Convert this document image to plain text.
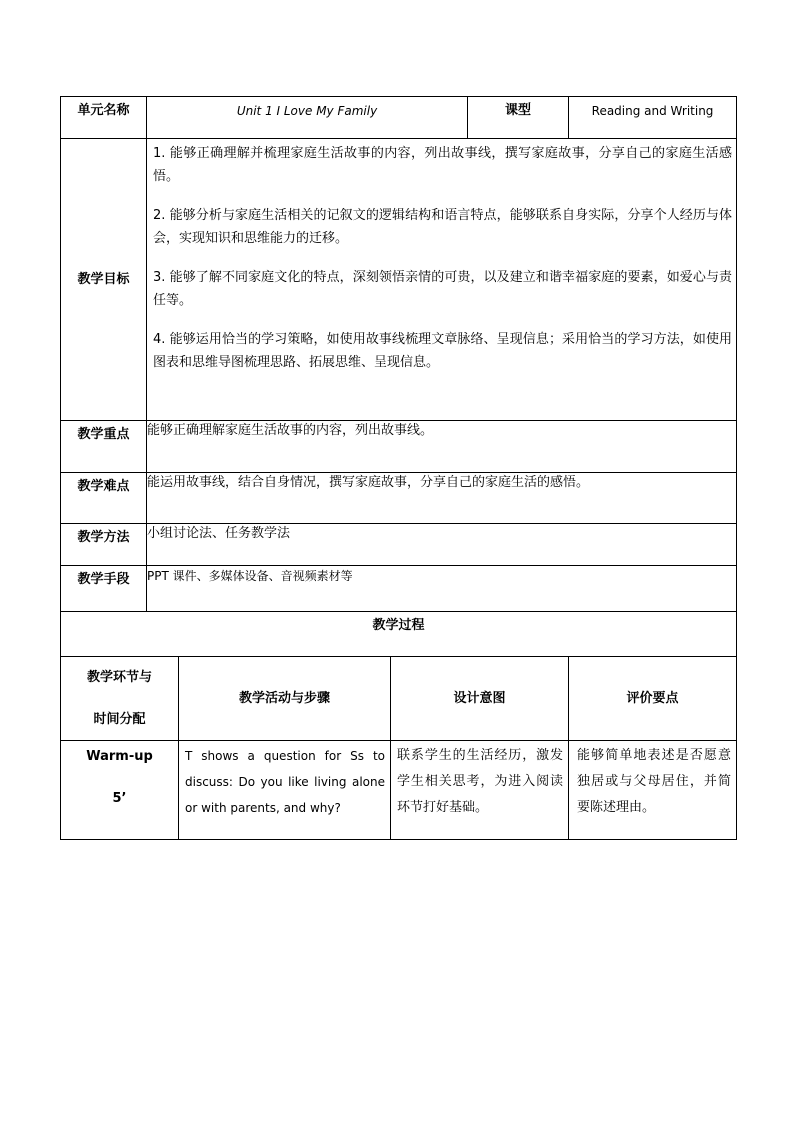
单元名称	Unit 1 I Love My Family			课型	Reading and Writing
教学目标	1. 能够正确理解并梳理家庭生活故事的内容，列出故事线，撰写家庭故事，分享自己的家庭生活感悟。

2. 能够分析与家庭生活相关的记叙文的逻辑结构和语言特点，能够联系自身实际，分享个人经历与体会，实现知识和思维能力的迁移。

3. 能够了解不同家庭文化的特点，深刻领悟亲情的可贵，以及建立和谐幸福家庭的要素，如爱心与责任等。

4. 能够运用恰当的学习策略，如使用故事线梳理文章脉络、呈现信息；采用恰当的学习方法，如使用图表和思维导图梳理思路、拓展思维、呈现信息。				

教学重点	能够正确理解家庭生活故事的内容，列出故事线。				
教学难点	能运用故事线，结合自身情况，撰写家庭故事，分享自己的家庭生活的感悟。				
教学方法	小组讨论法、任务教学法				
教学手段	PPT 课件、多媒体设备、音视频素材等				
教学过程					

教学环节与
时间分配		教学活动与步骤	设计意图		评价要点

Warm-up
5’		T shows a question for Ss to discuss: Do you like living alone or with parents, and why?	联系学生的生活经历，激发学生相关思考，为进入阅读环节打好基础。		能够简单地表述是否愿意独居或与父母居住，并简要陈述理由。
